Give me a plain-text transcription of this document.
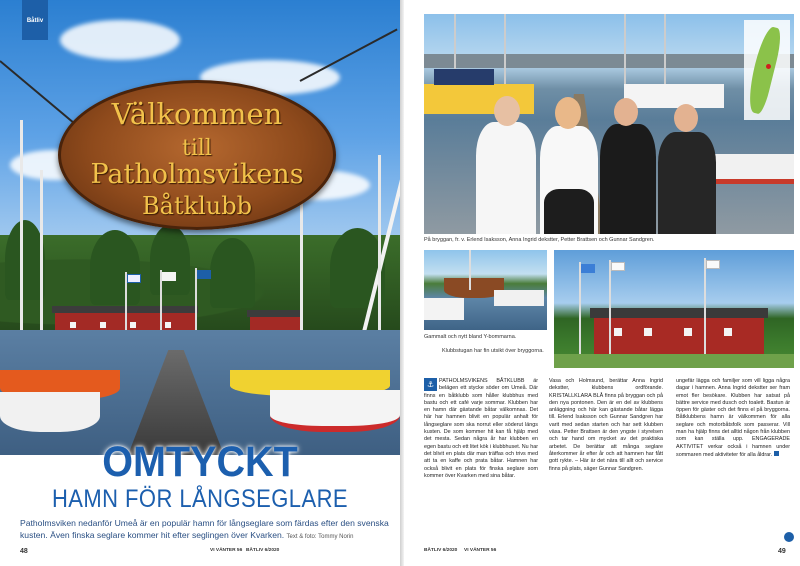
Båtliv
Välkommen
till
Patholmsvikens
Båtklubb
OMTYCKT
HAMN FÖR LÅNGSEGLARE
Patholmsviken nedanför Umeå är en populär hamn för långseglare som färdas efter den svenska kusten. Även finska seglare kommer hit efter seglingen över Kvarken. Text & foto: Tommy Norin
48	VI VÄNTER 56 BÅTLIV 6/2020
På bryggan, fr. v. Erlend Isaksson, Anna Ingrid dekstter, Petter Brattsen och Gunnar Sandgren.
Gammalt och nytt bland Y-bommarna.
Klubbstugan har fin utsikt över bryggorna.
⚓ PATHOLMSVIKENS BÅTKLUBB är belägen ett stycke söder om Umeå. Där finns en båtklubb som håller klubbhus med bastu och ett café varje sommar. Klubben har en hamn där gästande båtar välkomnas. Det här har hamnen blivit en populär anhalt för långseglare som ska norrut eller söderut längs kusten. De som kommer hit kan få hjälp med det mesta. Sedan några år har klubben en egen bastu och ett litet kök i klubbhuset. Nu har det blivit en plats där man träffas och trivs med att ta en kaffe och prata båtar. Hamnen har också blivit en plats för finska seglare som kommer över Kvarken med sina båtar.
Vasa och Holmsund, berättar Anna Ingrid dekstter, klubbens ordförande. KRISTALLKLARA BLÅ finns på bryggan och på den nya pontonen. Den är en del av klubbens anläggning och här kan gästande båtar lägga till. Erlend Isaksson och Gunnar Sandgren har varit med sedan starten och har sett klubben växa. Petter Brattsen är den yngste i styrelsen och tar hand om mycket av det praktiska arbetet. De berättar att många seglare återkommer år efter år och att hamnen har fått gott rykte. – Här är det nära till allt och service finns på plats, säger Gunnar Sandgren.
ungefär lägga och familjer som vill ligga några dagar i hamnen. Anna Ingrid dekstter ser fram emot fler besökare. Klubben har satsat på bättre service med dusch och toalett. Bastun är öppen för gäster och det finns el på bryggorna. Båtklubbens hamn är välkommen för alla seglare och motorbåtsfolk som passerar. Vill man ha hjälp finns det alltid någon från klubben som kan ställa upp. ENGAGERADE AKTIVITET verkar också i hamnen under sommaren med aktiviteter för alla åldrar.
BÅTLIV 6/2020 VI VÄNTER 56	49
